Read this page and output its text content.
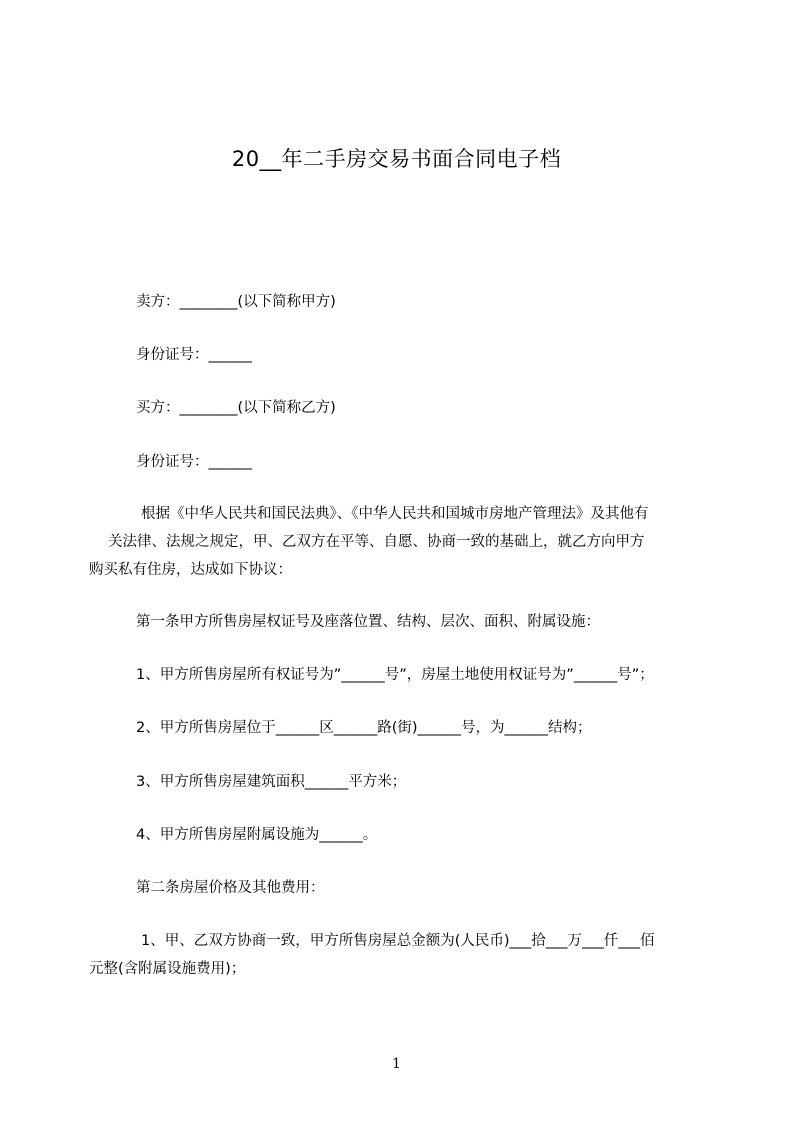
20__年二手房交易书面合同电子档
卖方：________(以下简称甲方)
身份证号：______
买方：________(以下简称乙方)
身份证号：______
根据《中华人民共和国民法典》、《中华人民共和国城市房地产管理法》及其他有
关法律、法规之规定，甲、乙双方在平等、自愿、协商一致的基础上，就乙方向甲方
购买私有住房，达成如下协议：
第一条甲方所售房屋权证号及座落位置、结构、层次、面积、附属设施：
1、甲方所售房屋所有权证号为”______号”，房屋土地使用权证号为”______号”；
2、甲方所售房屋位于______区______路(街)______号，为______结构；
3、甲方所售房屋建筑面积______平方米；
4、甲方所售房屋附属设施为______。
第二条房屋价格及其他费用：
1、甲、乙双方协商一致，甲方所售房屋总金额为(人民币)___拾___万___仟___佰
元整(含附属设施费用)；
1
